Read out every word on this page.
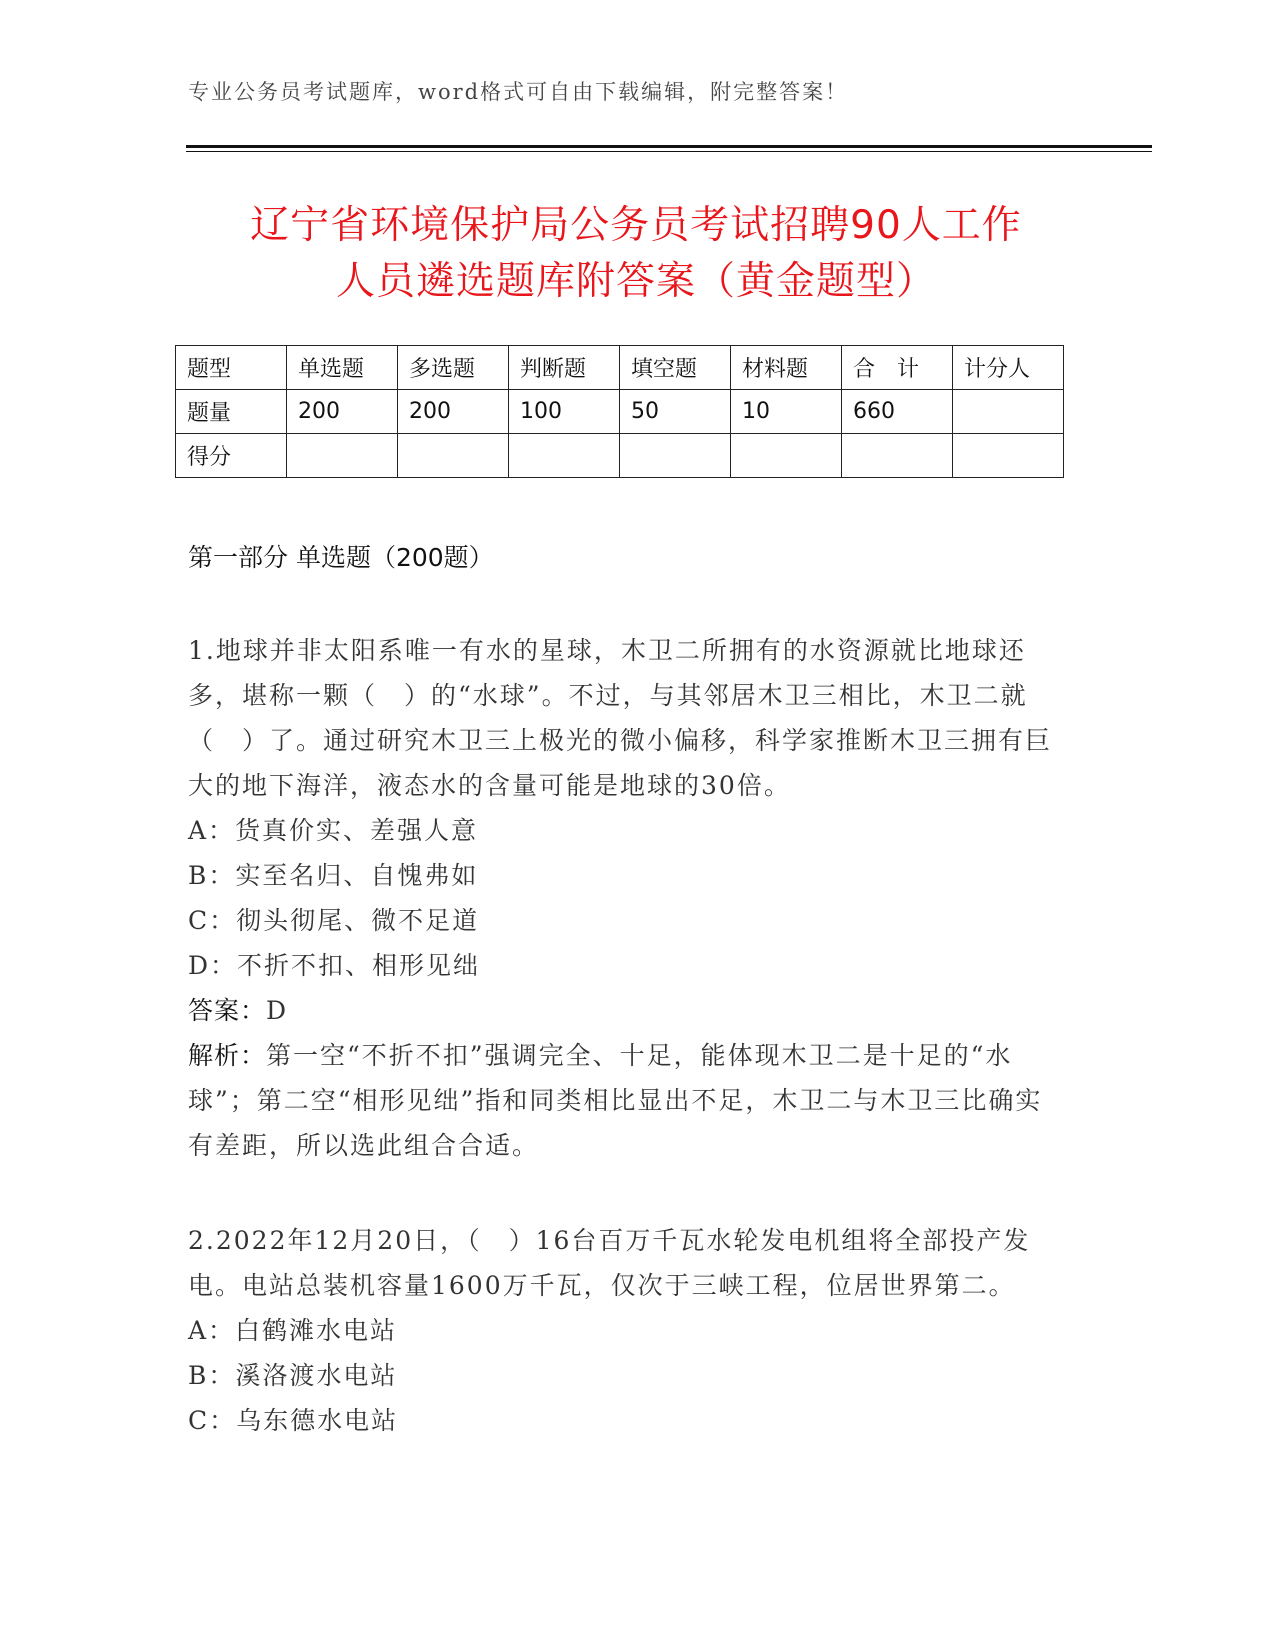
专业公务员考试题库，word格式可自由下载编辑，附完整答案！
辽宁省环境保护局公务员考试招聘90人工作
人员遴选题库附答案（黄金题型）
题型	单选题	多选题	判断题	填空题	材料题	合　计	计分人
题量	200	200	100	50	10	660	
得分							
第一部分 单选题（200题）

1.地球并非太阳系唯一有水的星球，木卫二所拥有的水资源就比地球还多，堪称一颗（　）的“水球”。不过，与其邻居木卫三相比，木卫二就（　）了。通过研究木卫三上极光的微小偏移，科学家推断木卫三拥有巨大的地下海洋，液态水的含量可能是地球的30倍。

A：货真价实、差强人意

B：实至名归、自愧弗如

C：彻头彻尾、微不足道

D：不折不扣、相形见绌

答案：D

解析：第一空“不折不扣”强调完全、十足，能体现木卫二是十足的“水球”；第二空“相形见绌”指和同类相比显出不足，木卫二与木卫三比确实有差距，所以选此组合合适。

2.2022年12月20日，（　）16台百万千瓦水轮发电机组将全部投产发电。电站总装机容量1600万千瓦，仅次于三峡工程，位居世界第二。

A：白鹤滩水电站

B：溪洛渡水电站

C：乌东德水电站
